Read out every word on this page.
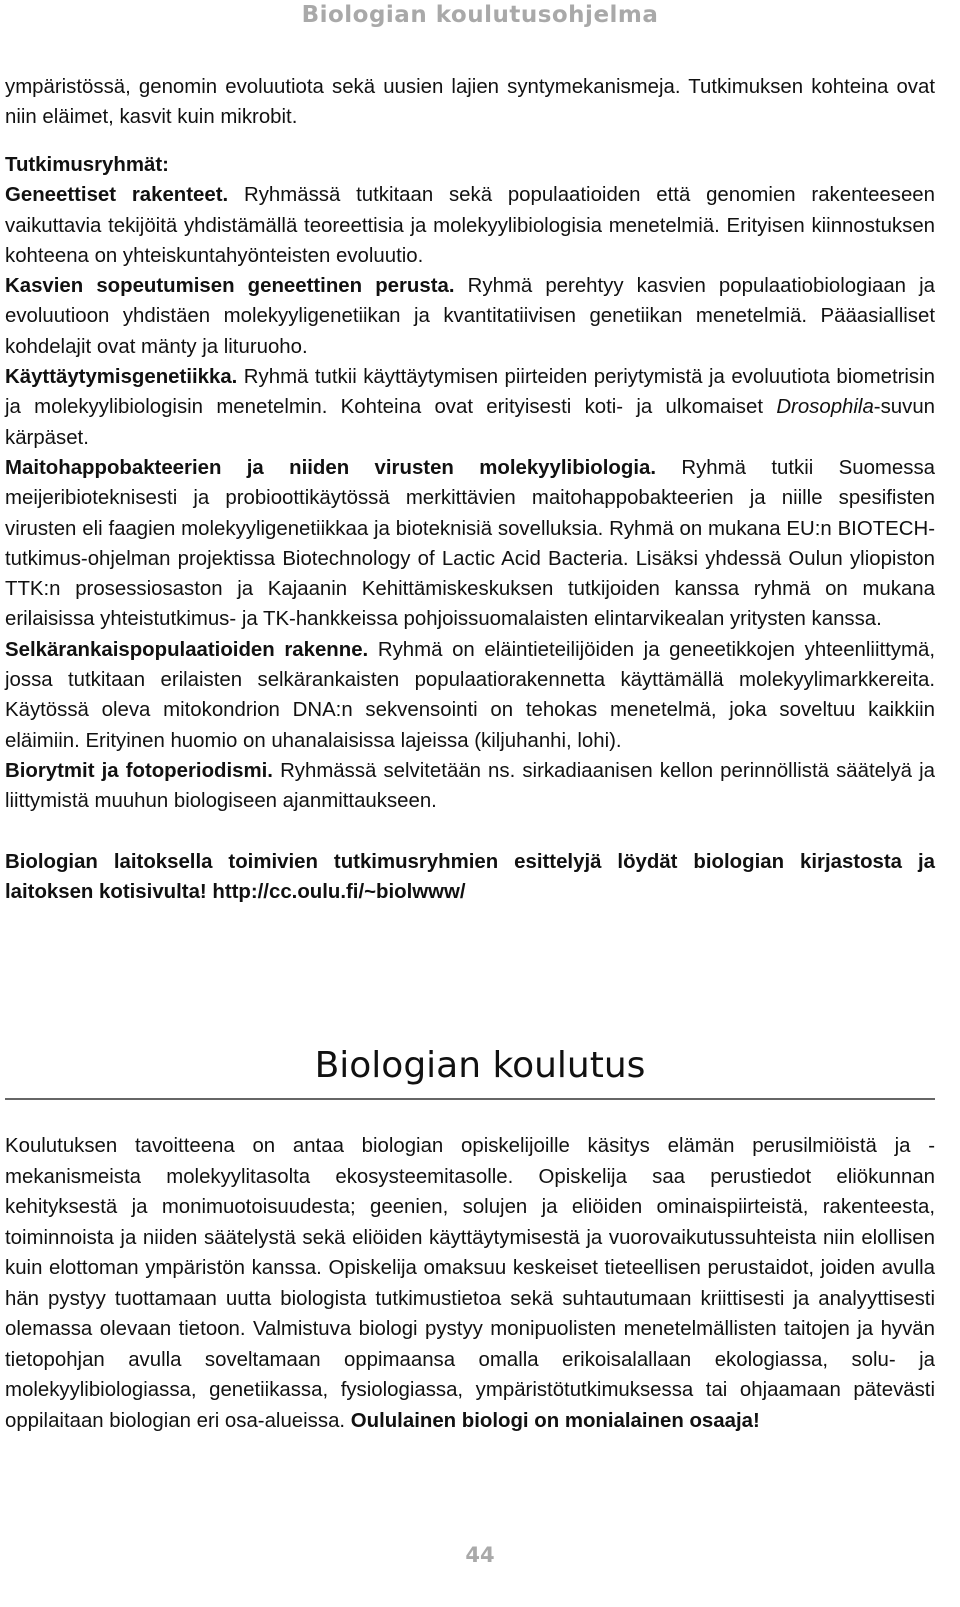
Biologian koulutusohjelma

ympäristössä, genomin evoluutiota sekä uusien lajien syntymekanismeja. Tutkimuksen kohteina ovat niin eläimet, kasvit kuin mikrobit.

Tutkimusryhmät:

Geneettiset rakenteet. Ryhmässä tutkitaan sekä populaatioiden että genomien rakenteeseen vaikuttavia tekijöitä yhdistämällä teoreettisia ja molekyylibiologisia menetelmiä. Erityisen kiinnostuksen kohteena on yhteiskuntahyönteisten evoluutio.

Kasvien sopeutumisen geneettinen perusta. Ryhmä perehtyy kasvien populaatiobiologiaan ja evoluutioon yhdistäen molekyyligenetiikan ja kvantitatiivisen genetiikan menetelmiä. Pääasialliset kohdelajit ovat mänty ja lituruoho.

Käyttäytymisgenetiikka. Ryhmä tutkii käyttäytymisen piirteiden periytymistä ja evoluutiota biometrisin ja molekyylibiologisin menetelmin. Kohteina ovat erityisesti koti- ja ulkomaiset Drosophila-suvun kärpäset.

Maitohappobakteerien ja niiden virusten molekyylibiologia. Ryhmä tutkii Suomessa meijeribioteknisesti ja probioottikäytössä merkittävien maitohappobakteerien ja niille spesifisten virusten eli faagien molekyyligenetiikkaa ja bioteknisiä sovelluksia. Ryhmä on mukana EU:n BIOTECH-tutkimus-ohjelman projektissa Biotechnology of Lactic Acid Bacteria. Lisäksi yhdessä Oulun yliopiston TTK:n prosessiosaston ja Kajaanin Kehittämiskeskuksen tutkijoiden kanssa ryhmä on mukana erilaisissa yhteistutkimus- ja TK-hankkeissa pohjoissuomalaisten elintarvikealan yritysten kanssa.

Selkärankaispopulaatioiden rakenne. Ryhmä on eläintieteilijöiden ja geneetikkojen yhteenliittymä, jossa tutkitaan erilaisten selkärankaisten populaatiorakennetta käyttämällä molekyylimarkkereita. Käytössä oleva mitokondrion DNA:n sekvensointi on tehokas menetelmä, joka soveltuu kaikkiin eläimiin. Erityinen huomio on uhanalaisissa lajeissa (kiljuhanhi, lohi).

Biorytmit ja fotoperiodismi. Ryhmässä selvitetään ns. sirkadiaanisen kellon perinnöllistä säätelyä ja liittymistä muuhun biologiseen ajanmittaukseen.

Biologian laitoksella toimivien tutkimusryhmien esittelyjä löydät biologian kirjastosta ja laitoksen kotisivulta! http://cc.oulu.fi/~biolwww/

Biologian koulutus

Koulutuksen tavoitteena on antaa biologian opiskelijoille käsitys elämän perusilmiöistä ja -mekanismeista molekyylitasolta ekosysteemitasolle. Opiskelija saa perustiedot eliökunnan kehityksestä ja monimuotoisuudesta; geenien, solujen ja eliöiden ominaispiirteistä, rakenteesta, toiminnoista ja niiden säätelystä sekä eliöiden käyttäytymisestä ja vuorovaikutussuhteista niin elollisen kuin elottoman ympäristön kanssa. Opiskelija omaksuu keskeiset tieteellisen perustaidot, joiden avulla hän pystyy tuottamaan uutta biologista tutkimustietoa sekä suhtautumaan kriittisesti ja analyyttisesti olemassa olevaan tietoon. Valmistuva biologi pystyy monipuolisten menetelmällisten taitojen ja hyvän tietopohjan avulla soveltamaan oppimaansa omalla erikoisalallaan ekologiassa, solu- ja molekyylibiologiassa, genetiikassa, fysiologiassa, ympäristötutkimuksessa tai ohjaamaan pätevästi oppilaitaan biologian eri osa-alueissa. Oululainen biologi on monialainen osaaja!

44
